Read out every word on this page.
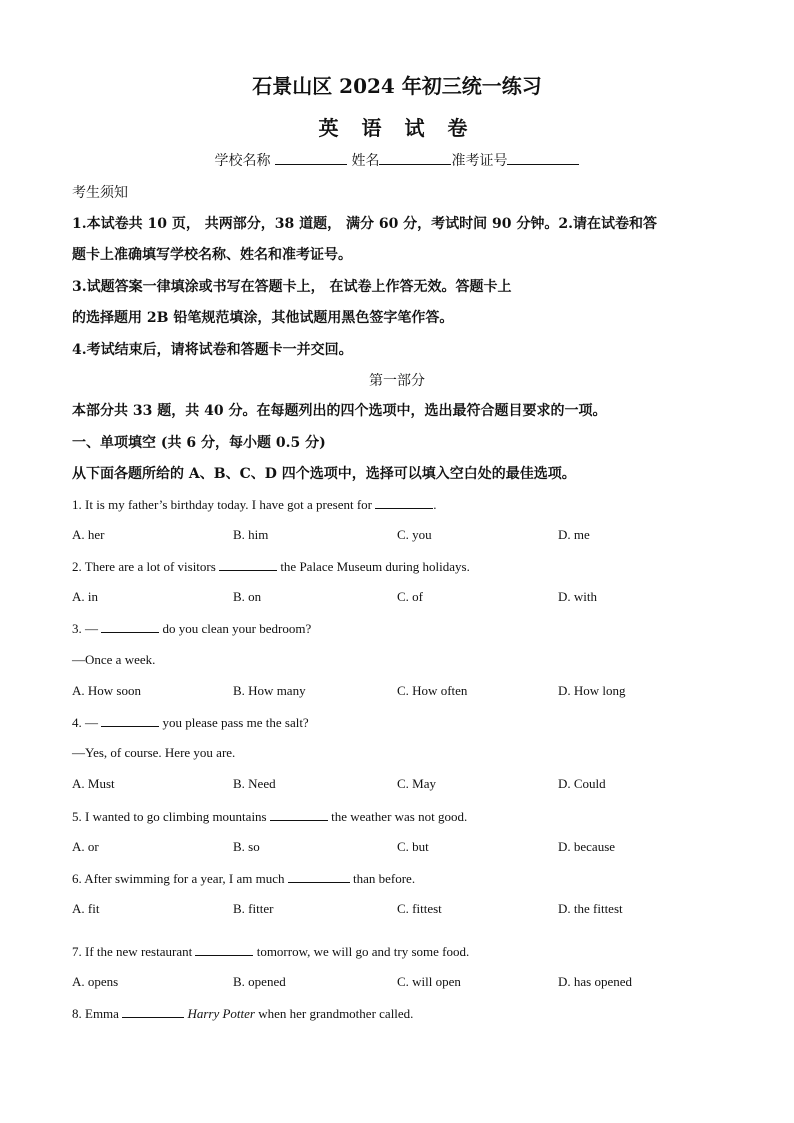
石景山区 2024 年初三统一练习
英 语 试 卷
学校名称	姓名	准考证号
考生须知
1.本试卷共 10 页， 共两部分，38 道题， 满分 60 分，考试时间 90 分钟。2.请在试卷和答
题卡上准确填写学校名称、姓名和准考证号。
3.试题答案一律填涂或书写在答题卡上， 在试卷上作答无效。答题卡上
的选择题用 2B 铅笔规范填涂，其他试题用黑色签字笔作答。
4.考试结束后，请将试卷和答题卡一并交回。
第一部分
本部分共 33 题，共 40 分。在每题列出的四个选项中，选出最符合题目要求的一项。
一、单项填空 (共 6 分，每小题 0.5 分)
从下面各题所给的 A、B、C、D 四个选项中，选择可以填入空白处的最佳选项。
1. It is my father’s birthday today. I have got a present for	.
A. her	B. him	C. you	D. me
2. There are a lot of visitors	the Palace Museum during holidays.
A. in	B. on	C. of	D. with
3. —	do you clean your bedroom?
—Once a week.
A. How soon	B. How many	C. How often	D. How long
4. —	you please pass me the salt?
—Yes, of course. Here you are.
A. Must	B. Need	C. May	D. Could
5. I wanted to go climbing mountains	the weather was not good.
A. or	B. so	C. but	D. because
6. After swimming for a year, I am much	than before.
A. fit	B. fitter	C. fittest	D. the fittest
7. If the new restaurant	tomorrow, we will go and try some food.
A. opens	B. opened	C. will open	D. has opened
8. Emma	Harry Potter when her grandmother called.
